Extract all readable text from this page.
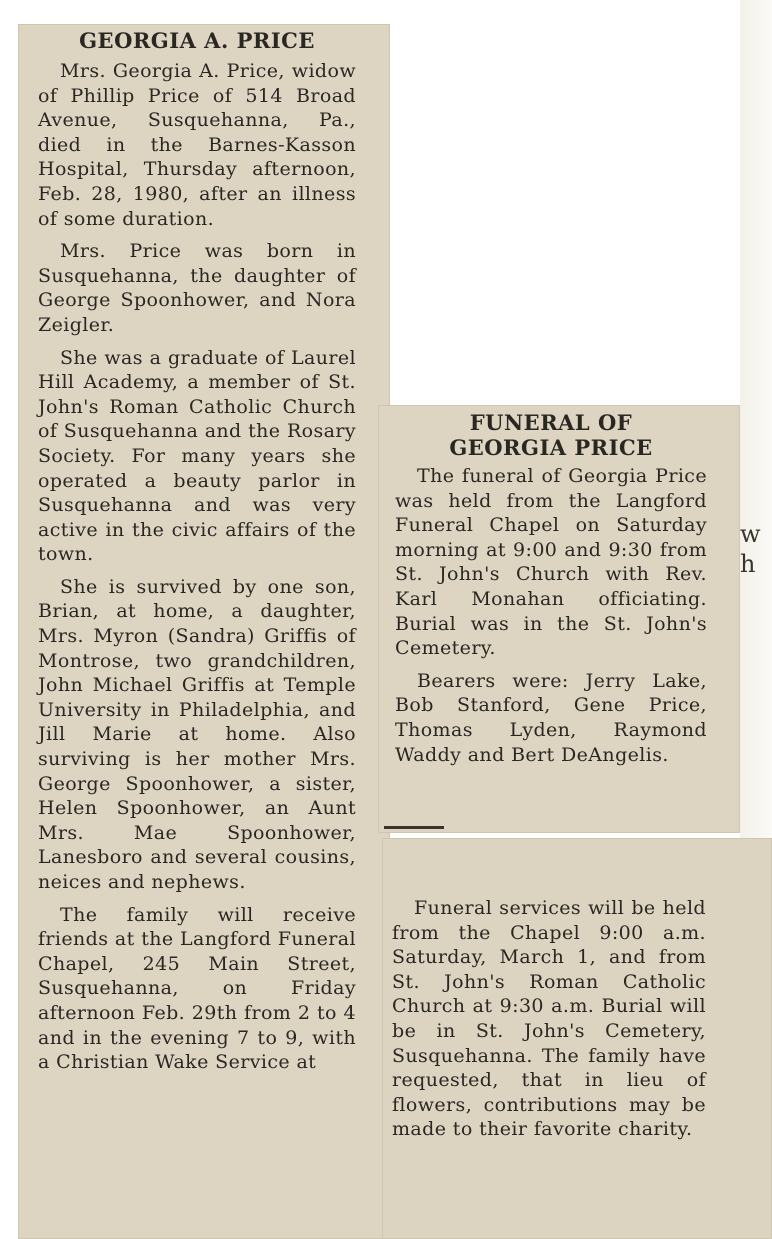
w
h
GEORGIA A. PRICE

Mrs. Georgia A. Price, widow of Phillip Price of 514 Broad Avenue, Susquehanna, Pa., died in the Barnes-Kasson Hospital, Thursday afternoon, Feb. 28, 1980, after an illness of some duration.

Mrs. Price was born in Susquehanna, the daughter of George Spoonhower, and Nora Zeigler.

She was a graduate of Laurel Hill Academy, a member of St. John's Roman Catholic Church of Susquehanna and the Rosary Society. For many years she operated a beauty parlor in Susquehanna and was very active in the civic affairs of the town.

She is survived by one son, Brian, at home, a daughter, Mrs. Myron (Sandra) Griffis of Montrose, two grandchildren, John Michael Griffis at Temple University in Philadelphia, and Jill Marie at home. Also surviving is her mother Mrs. George Spoonhower, a sister, Helen Spoonhower, an Aunt Mrs. Mae Spoonhower, Lanesboro and several cousins, neices and nephews.

The family will receive friends at the Langford Funeral Chapel, 245 Main Street, Susquehanna, on Friday afternoon Feb. 29th from 2 to 4 and in the evening 7 to 9, with a Christian Wake Service at

FUNERAL OF
GEORGIA PRICE

The funeral of Georgia Price was held from the Langford Funeral Chapel on Saturday morning at 9:00 and 9:30 from St. John's Church with Rev. Karl Monahan officiating. Burial was in the St. John's Cemetery.

Bearers were: Jerry Lake, Bob Stanford, Gene Price, Thomas Lyden, Raymond Waddy and Bert DeAngelis.

Funeral services will be held from the Chapel 9:00 a.m. Saturday, March 1, and from St. John's Roman Catholic Church at 9:30 a.m. Burial will be in St. John's Cemetery, Susquehanna. The family have requested, that in lieu of flowers, contributions may be made to their favorite charity.
